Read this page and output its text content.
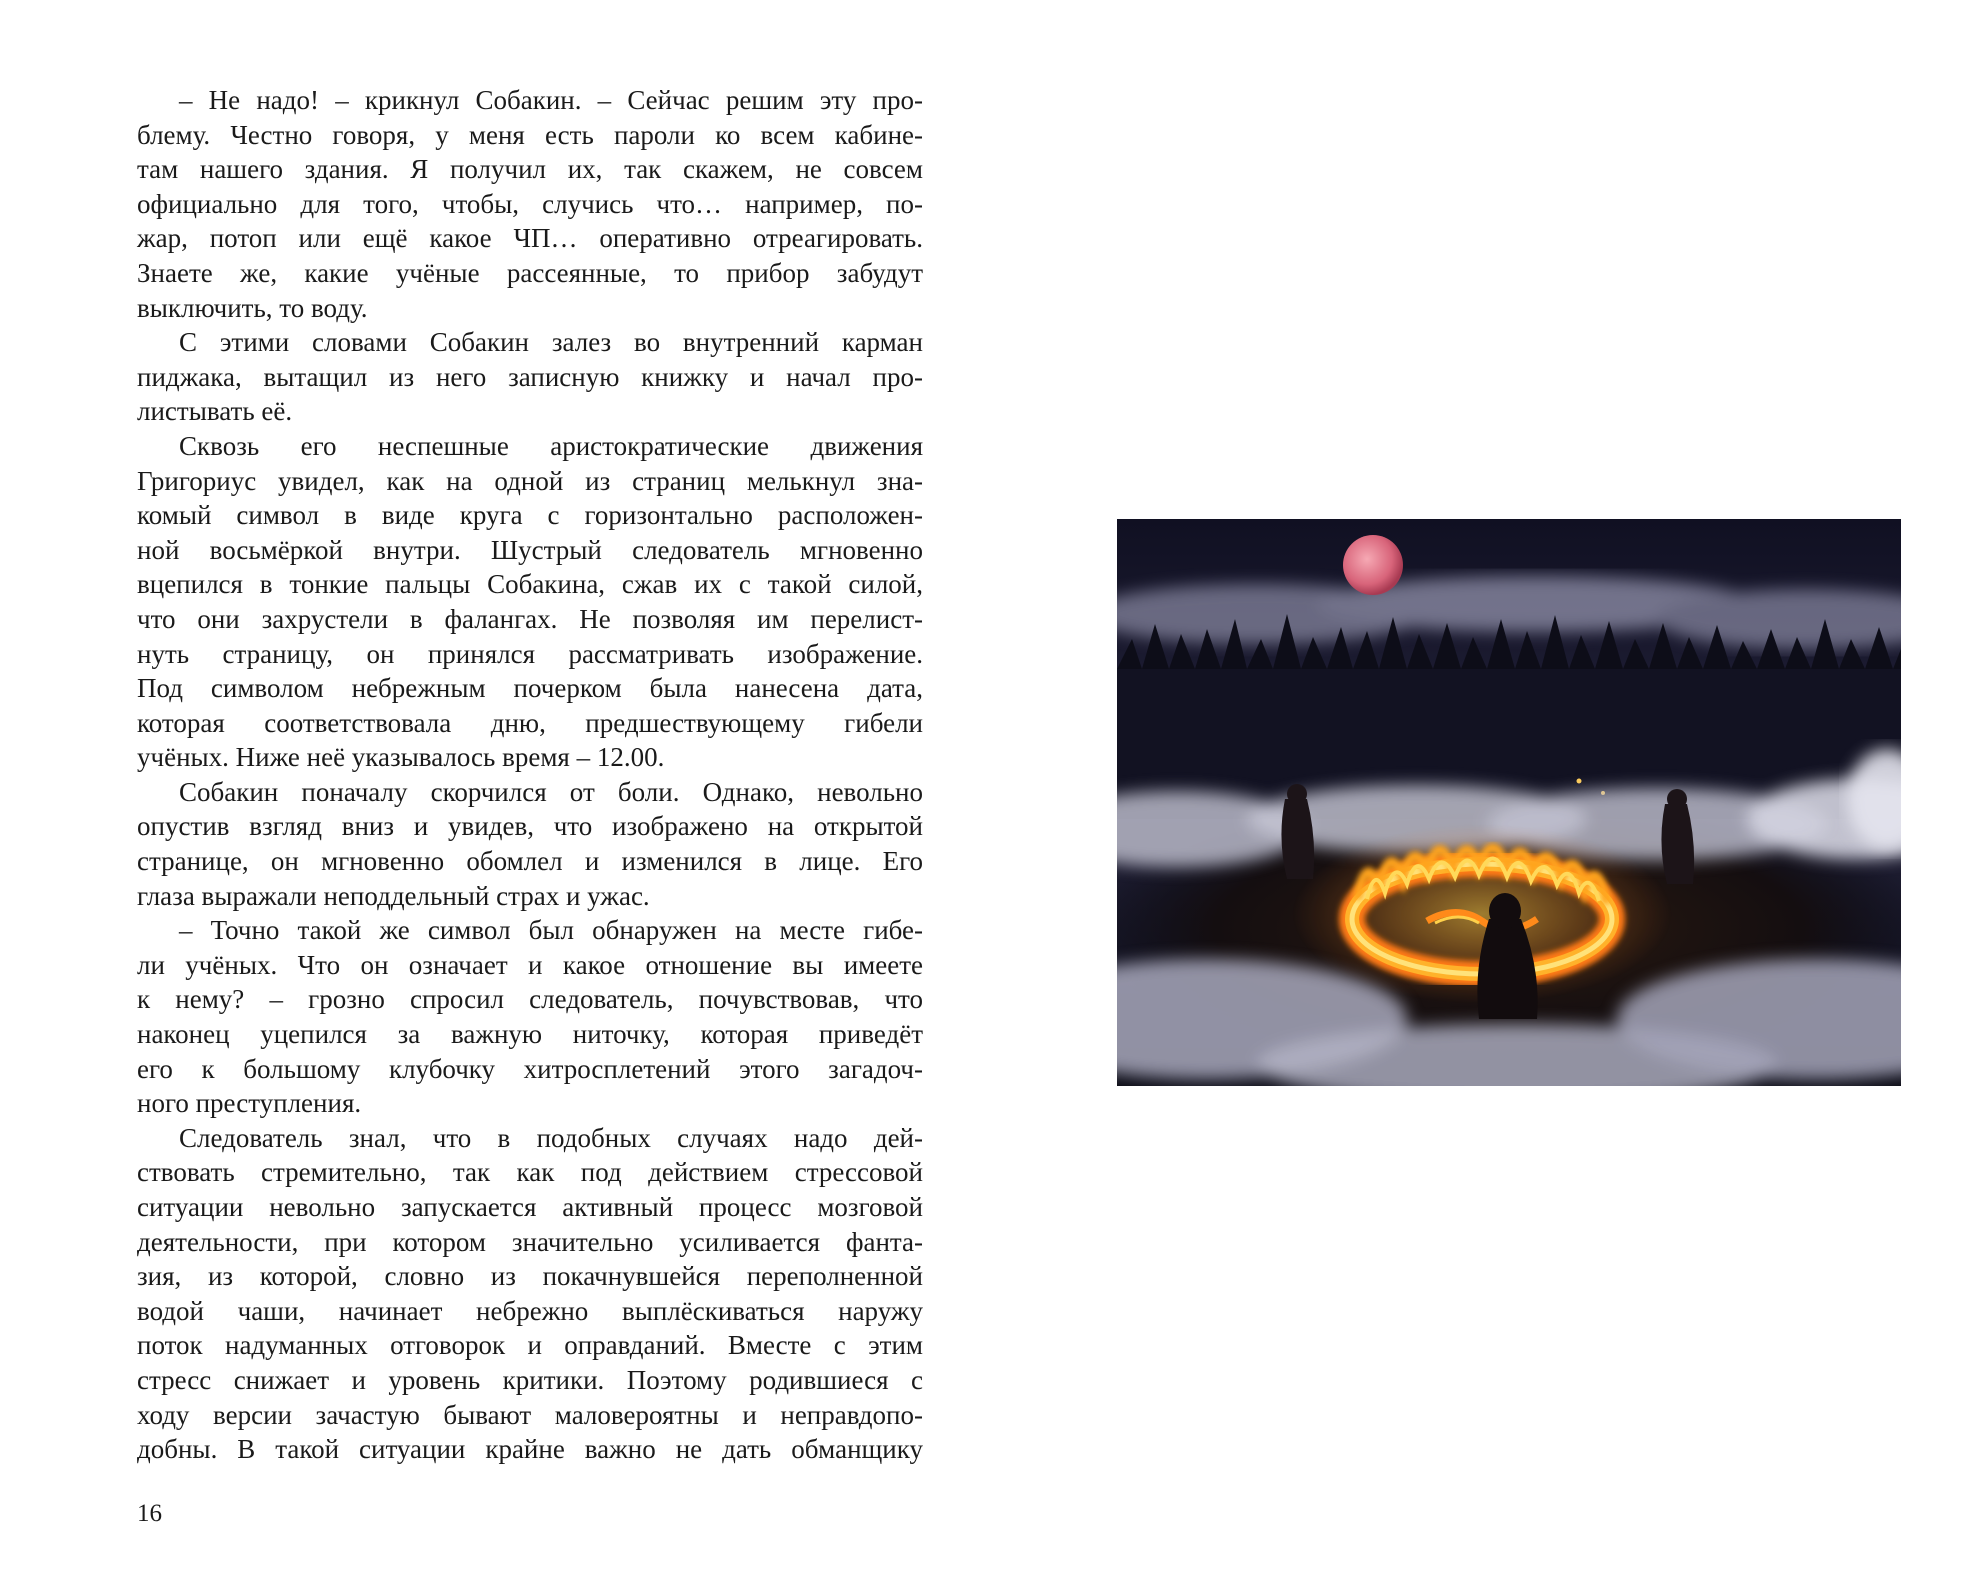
– Не надо! – крикнул Собакин. – Сейчас решим эту про-
блему. Честно говоря, у меня есть пароли ко всем кабине-
там нашего здания. Я получил их, так скажем, не совсем
официально для того, чтобы, случись что… например, по-
жар, потоп или ещё какое ЧП… оперативно отреагировать.
Знаете же, какие учёные рассеянные, то прибор забудут
выключить, то воду.
С этими словами Собакин залез во внутренний карман
пиджака, вытащил из него записную книжку и начал про-
листывать её.
Сквозь его неспешные аристократические движения
Григориус увидел, как на одной из страниц мелькнул зна-
комый символ в виде круга с горизонтально расположен-
ной восьмёркой внутри. Шустрый следователь мгновенно
вцепился в тонкие пальцы Собакина, сжав их с такой силой,
что они захрустели в фалангах. Не позволяя им перелист-
нуть страницу, он принялся рассматривать изображение.
Под символом небрежным почерком была нанесена дата,
которая соответствовала дню, предшествующему гибели
учёных. Ниже неё указывалось время – 12.00.
Собакин поначалу скорчился от боли. Однако, невольно
опустив взгляд вниз и увидев, что изображено на открытой
странице, он мгновенно обомлел и изменился в лице. Его
глаза выражали неподдельный страх и ужас.
– Точно такой же символ был обнаружен на месте гибе-
ли учёных. Что он означает и какое отношение вы имеете
к нему? – грозно спросил следователь, почувствовав, что
наконец уцепился за важную ниточку, которая приведёт
его к большому клубочку хитросплетений этого загадоч-
ного преступления.
Следователь знал, что в подобных случаях надо дей-
ствовать стремительно, так как под действием стрессовой
ситуации невольно запускается активный процесс мозговой
деятельности, при котором значительно усиливается фанта-
зия, из которой, словно из покачнувшейся переполненной
водой чаши, начинает небрежно выплёскиваться наружу
поток надуманных отговорок и оправданий. Вместе с этим
стресс снижает и уровень критики. Поэтому родившиеся с
ходу версии зачастую бывают маловероятны и неправдопо-
добны. В такой ситуации крайне важно не дать обманщику
16
